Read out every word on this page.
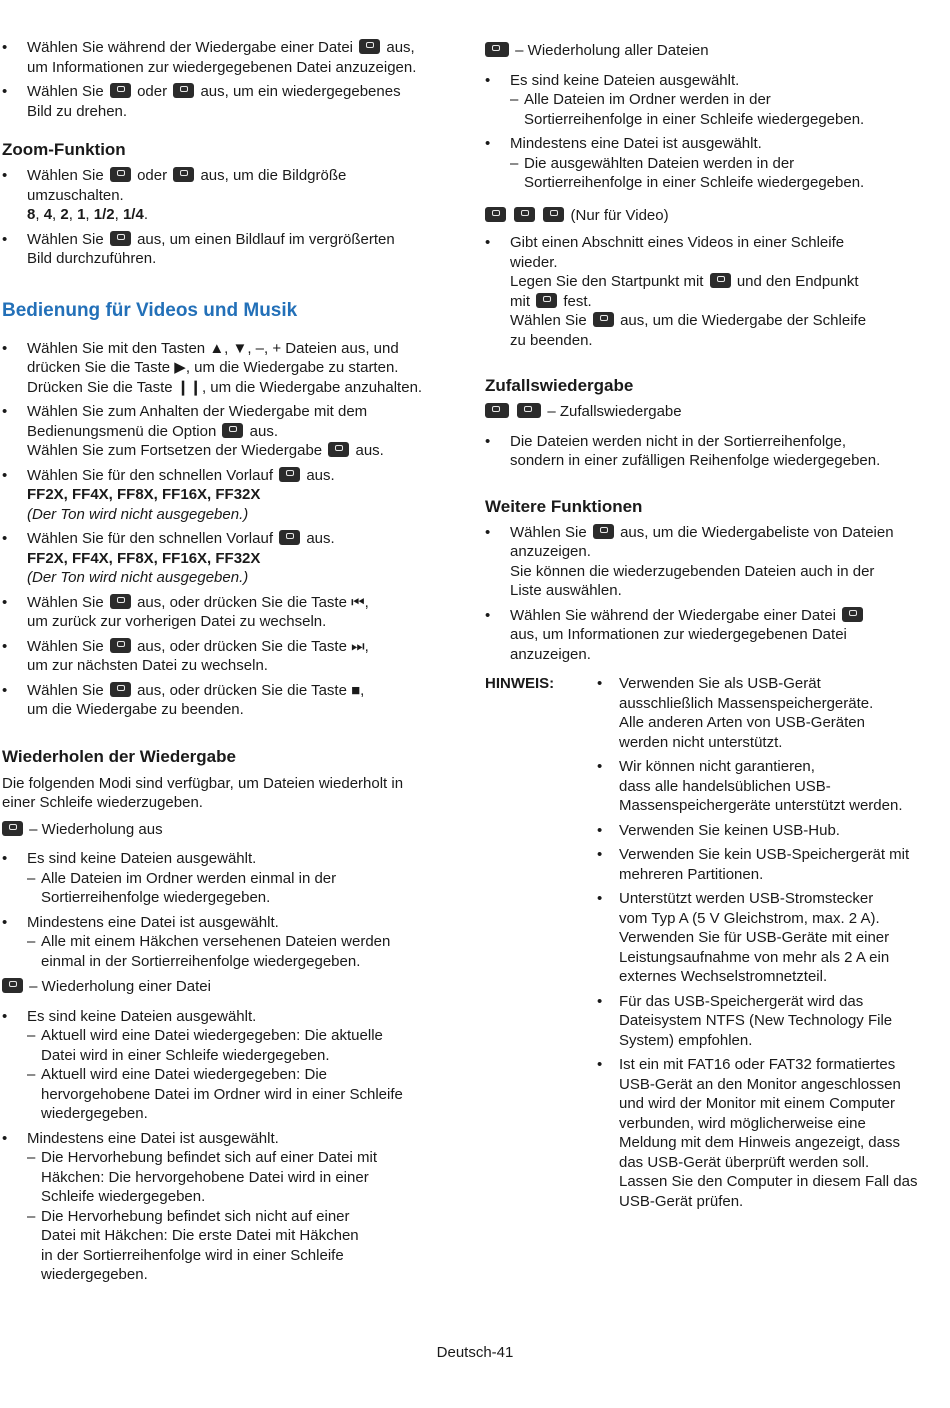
• Wählen Sie während der Wiedergabe einer Datei aus,
um Informationen zur wiedergegebenen Datei anzuzeigen.
• Wählen Sie oder aus, um ein wiedergegebenes
Bild zu drehen.
Zoom-Funktion
• Wählen Sie oder aus, um die Bildgröße
umzuschalten.
8, 4, 2, 1, 1/2, 1/4.
• Wählen Sie aus, um einen Bildlauf im vergrößerten
Bild durchzuführen.
Bedienung für Videos und Musik
• Wählen Sie mit den Tasten ▲, ▼, –, + Dateien aus, und
drücken Sie die Taste ▶, um die Wiedergabe zu starten.
Drücken Sie die Taste ❙❙, um die Wiedergabe anzuhalten.
• Wählen Sie zum Anhalten der Wiedergabe mit dem
Bedienungsmenü die Option aus.
Wählen Sie zum Fortsetzen der Wiedergabe aus.
• Wählen Sie für den schnellen Vorlauf aus.
FF2X, FF4X, FF8X, FF16X, FF32X
(Der Ton wird nicht ausgegeben.)
• Wählen Sie für den schnellen Vorlauf aus.
FF2X, FF4X, FF8X, FF16X, FF32X
(Der Ton wird nicht ausgegeben.)
• Wählen Sie aus, oder drücken Sie die Taste ⏮,
um zurück zur vorherigen Datei zu wechseln.
• Wählen Sie aus, oder drücken Sie die Taste ⏭,
um zur nächsten Datei zu wechseln.
• Wählen Sie aus, oder drücken Sie die Taste ■,
um die Wiedergabe zu beenden.
Wiederholen der Wiedergabe

Die folgenden Modi sind verfügbar, um Dateien wiederholt in
einer Schleife wiederzugeben.

– Wiederholung aus

• Es sind keine Dateien ausgewählt.
– Alle Dateien im Ordner werden einmal in der
Sortierreihenfolge wiedergegeben.
• Mindestens eine Datei ist ausgewählt.
– Alle mit einem Häkchen versehenen Dateien werden
einmal in der Sortierreihenfolge wiedergegeben.

– Wiederholung einer Datei

• Es sind keine Dateien ausgewählt.
– Aktuell wird eine Datei wiedergegeben: Die aktuelle
Datei wird in einer Schleife wiedergegeben.
– Aktuell wird eine Datei wiedergegeben: Die
hervorgehobene Datei im Ordner wird in einer Schleife
wiedergegeben.
• Mindestens eine Datei ist ausgewählt.
– Die Hervorhebung befindet sich auf einer Datei mit
Häkchen: Die hervorgehobene Datei wird in einer
Schleife wiedergegeben.
– Die Hervorhebung befindet sich nicht auf einer
Datei mit Häkchen: Die erste Datei mit Häkchen
in der Sortierreihenfolge wird in einer Schleife
wiedergegeben.

– Wiederholung aller Dateien

• Es sind keine Dateien ausgewählt.
– Alle Dateien im Ordner werden in der
Sortierreihenfolge in einer Schleife wiedergegeben.
• Mindestens eine Datei ist ausgewählt.
– Die ausgewählten Dateien werden in der
Sortierreihenfolge in einer Schleife wiedergegeben.

(Nur für Video)

• Gibt einen Abschnitt eines Videos in einer Schleife
wieder.
Legen Sie den Startpunkt mit und den Endpunkt
mit fest.
Wählen Sie aus, um die Wiedergabe der Schleife
zu beenden.
Zufallswiedergabe

– Zufallswiedergabe

• Die Dateien werden nicht in der Sortierreihenfolge,
sondern in einer zufälligen Reihenfolge wiedergegeben.
Weitere Funktionen
• Wählen Sie aus, um die Wiedergabeliste von Dateien
anzuzeigen.
Sie können die wiederzugebenden Dateien auch in der
Liste auswählen.
• Wählen Sie während der Wiedergabe einer Datei
aus, um Informationen zur wiedergegebenen Datei
anzuzeigen.
HINWEIS:
•	Verwenden Sie als USB-Gerät
ausschließlich Massenspeichergeräte.
Alle anderen Arten von USB-Geräten
werden nicht unterstützt.
• Wir können nicht garantieren,
dass alle handelsüblichen USB-
Massenspeichergeräte unterstützt werden.
• Verwenden Sie keinen USB-Hub.
• Verwenden Sie kein USB-Speichergerät mit
mehreren Partitionen.
• Unterstützt werden USB-Stromstecker
vom Typ A (5 V Gleichstrom, max. 2 A).
Verwenden Sie für USB-Geräte mit einer
Leistungsaufnahme von mehr als 2 A ein
externes Wechselstromnetzteil.
• Für das USB-Speichergerät wird das
Dateisystem NTFS (New Technology File
System) empfohlen.
• Ist ein mit FAT16 oder FAT32 formatiertes
USB-Gerät an den Monitor angeschlossen
und wird der Monitor mit einem Computer
verbunden, wird möglicherweise eine
Meldung mit dem Hinweis angezeigt, dass
das USB-Gerät überprüft werden soll.
Lassen Sie den Computer in diesem Fall das
USB-Gerät prüfen.
Deutsch-41
